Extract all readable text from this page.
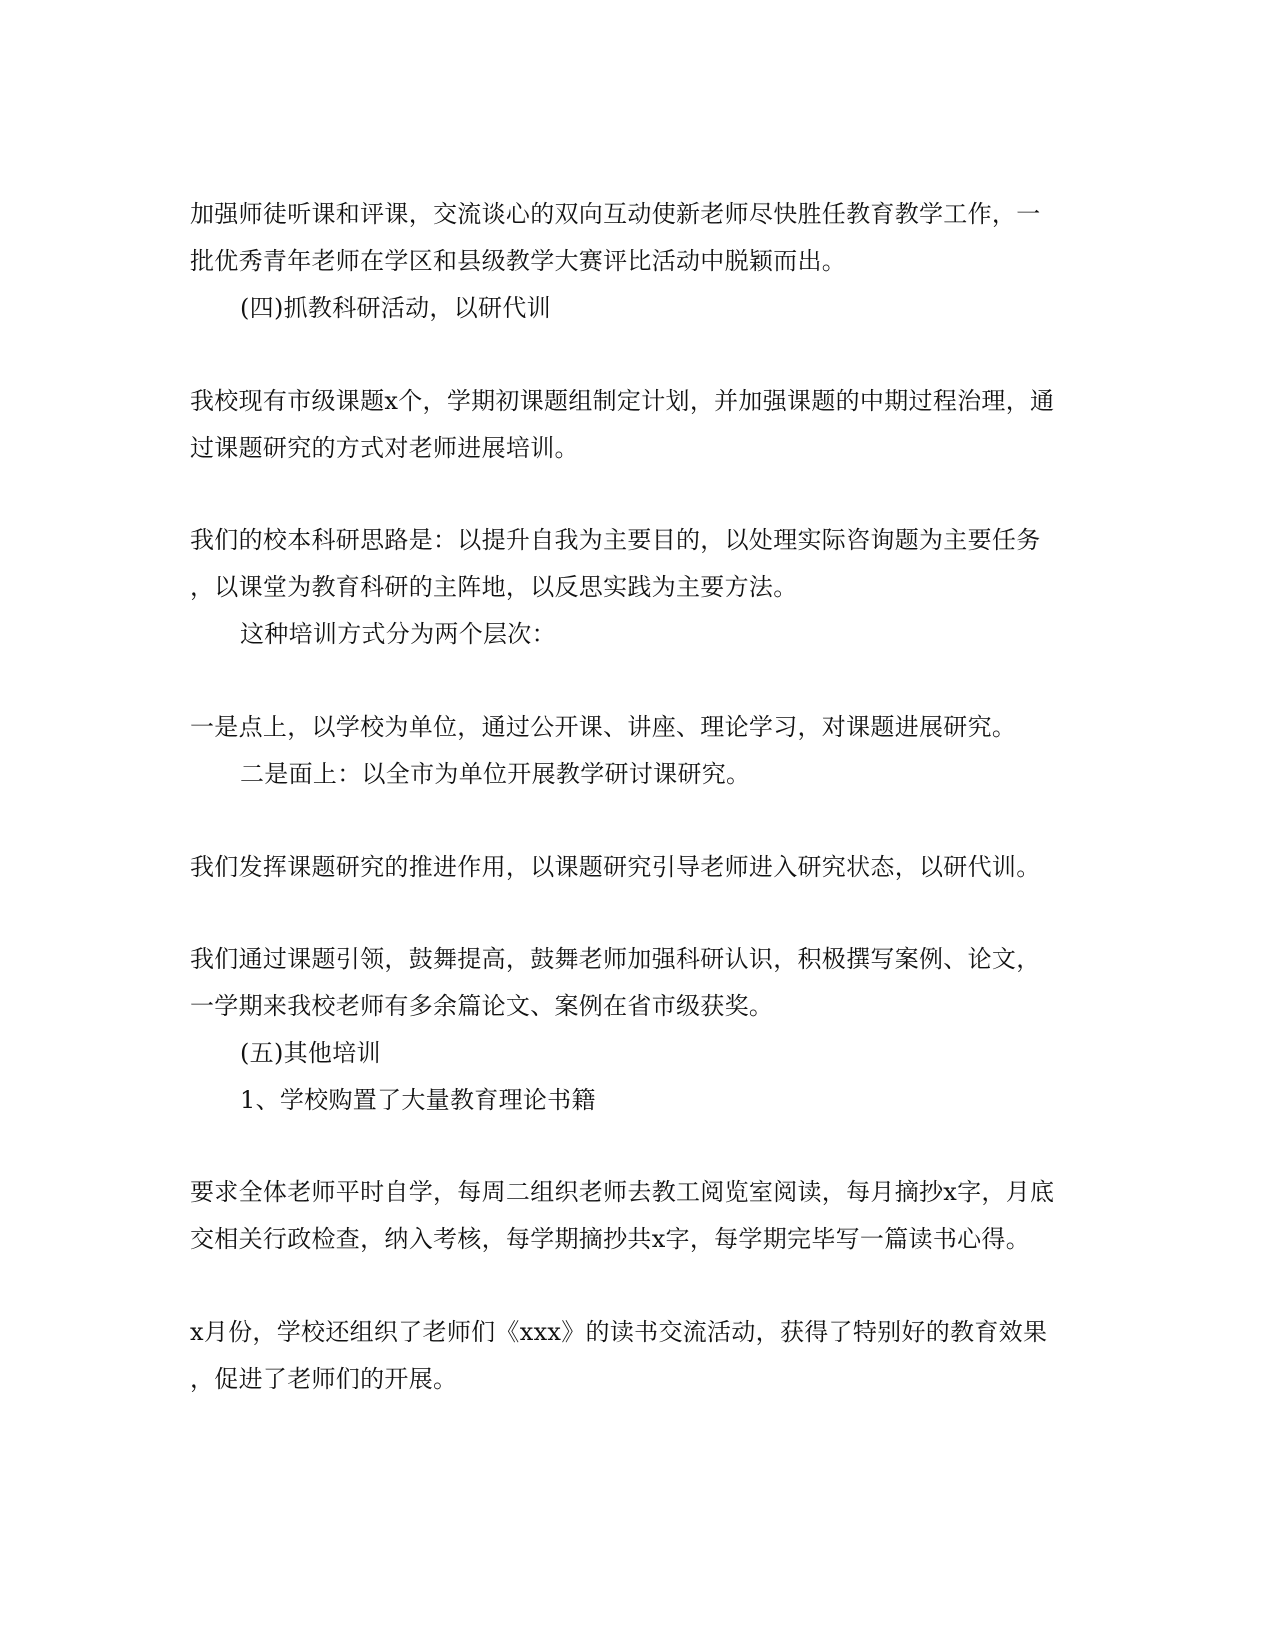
加强师徒听课和评课，交流谈心的双向互动使新老师尽快胜任教育教学工作，一
批优秀青年老师在学区和县级教学大赛评比活动中脱颖而出。
(四)抓教科研活动，以研代训
我校现有市级课题x个，学期初课题组制定计划，并加强课题的中期过程治理，通
过课题研究的方式对老师进展培训。
我们的校本科研思路是：以提升自我为主要目的，以处理实际咨询题为主要任务
，以课堂为教育科研的主阵地，以反思实践为主要方法。
这种培训方式分为两个层次：
一是点上，以学校为单位，通过公开课、讲座、理论学习，对课题进展研究。
二是面上：以全市为单位开展教学研讨课研究。
我们发挥课题研究的推进作用，以课题研究引导老师进入研究状态，以研代训。
我们通过课题引领，鼓舞提高，鼓舞老师加强科研认识，积极撰写案例、论文，
一学期来我校老师有多余篇论文、案例在省市级获奖。
(五)其他培训
1、学校购置了大量教育理论书籍
要求全体老师平时自学，每周二组织老师去教工阅览室阅读，每月摘抄x字，月底
交相关行政检查，纳入考核，每学期摘抄共x字，每学期完毕写一篇读书心得。
x月份，学校还组织了老师们《xxx》的读书交流活动，获得了特别好的教育效果
，促进了老师们的开展。
